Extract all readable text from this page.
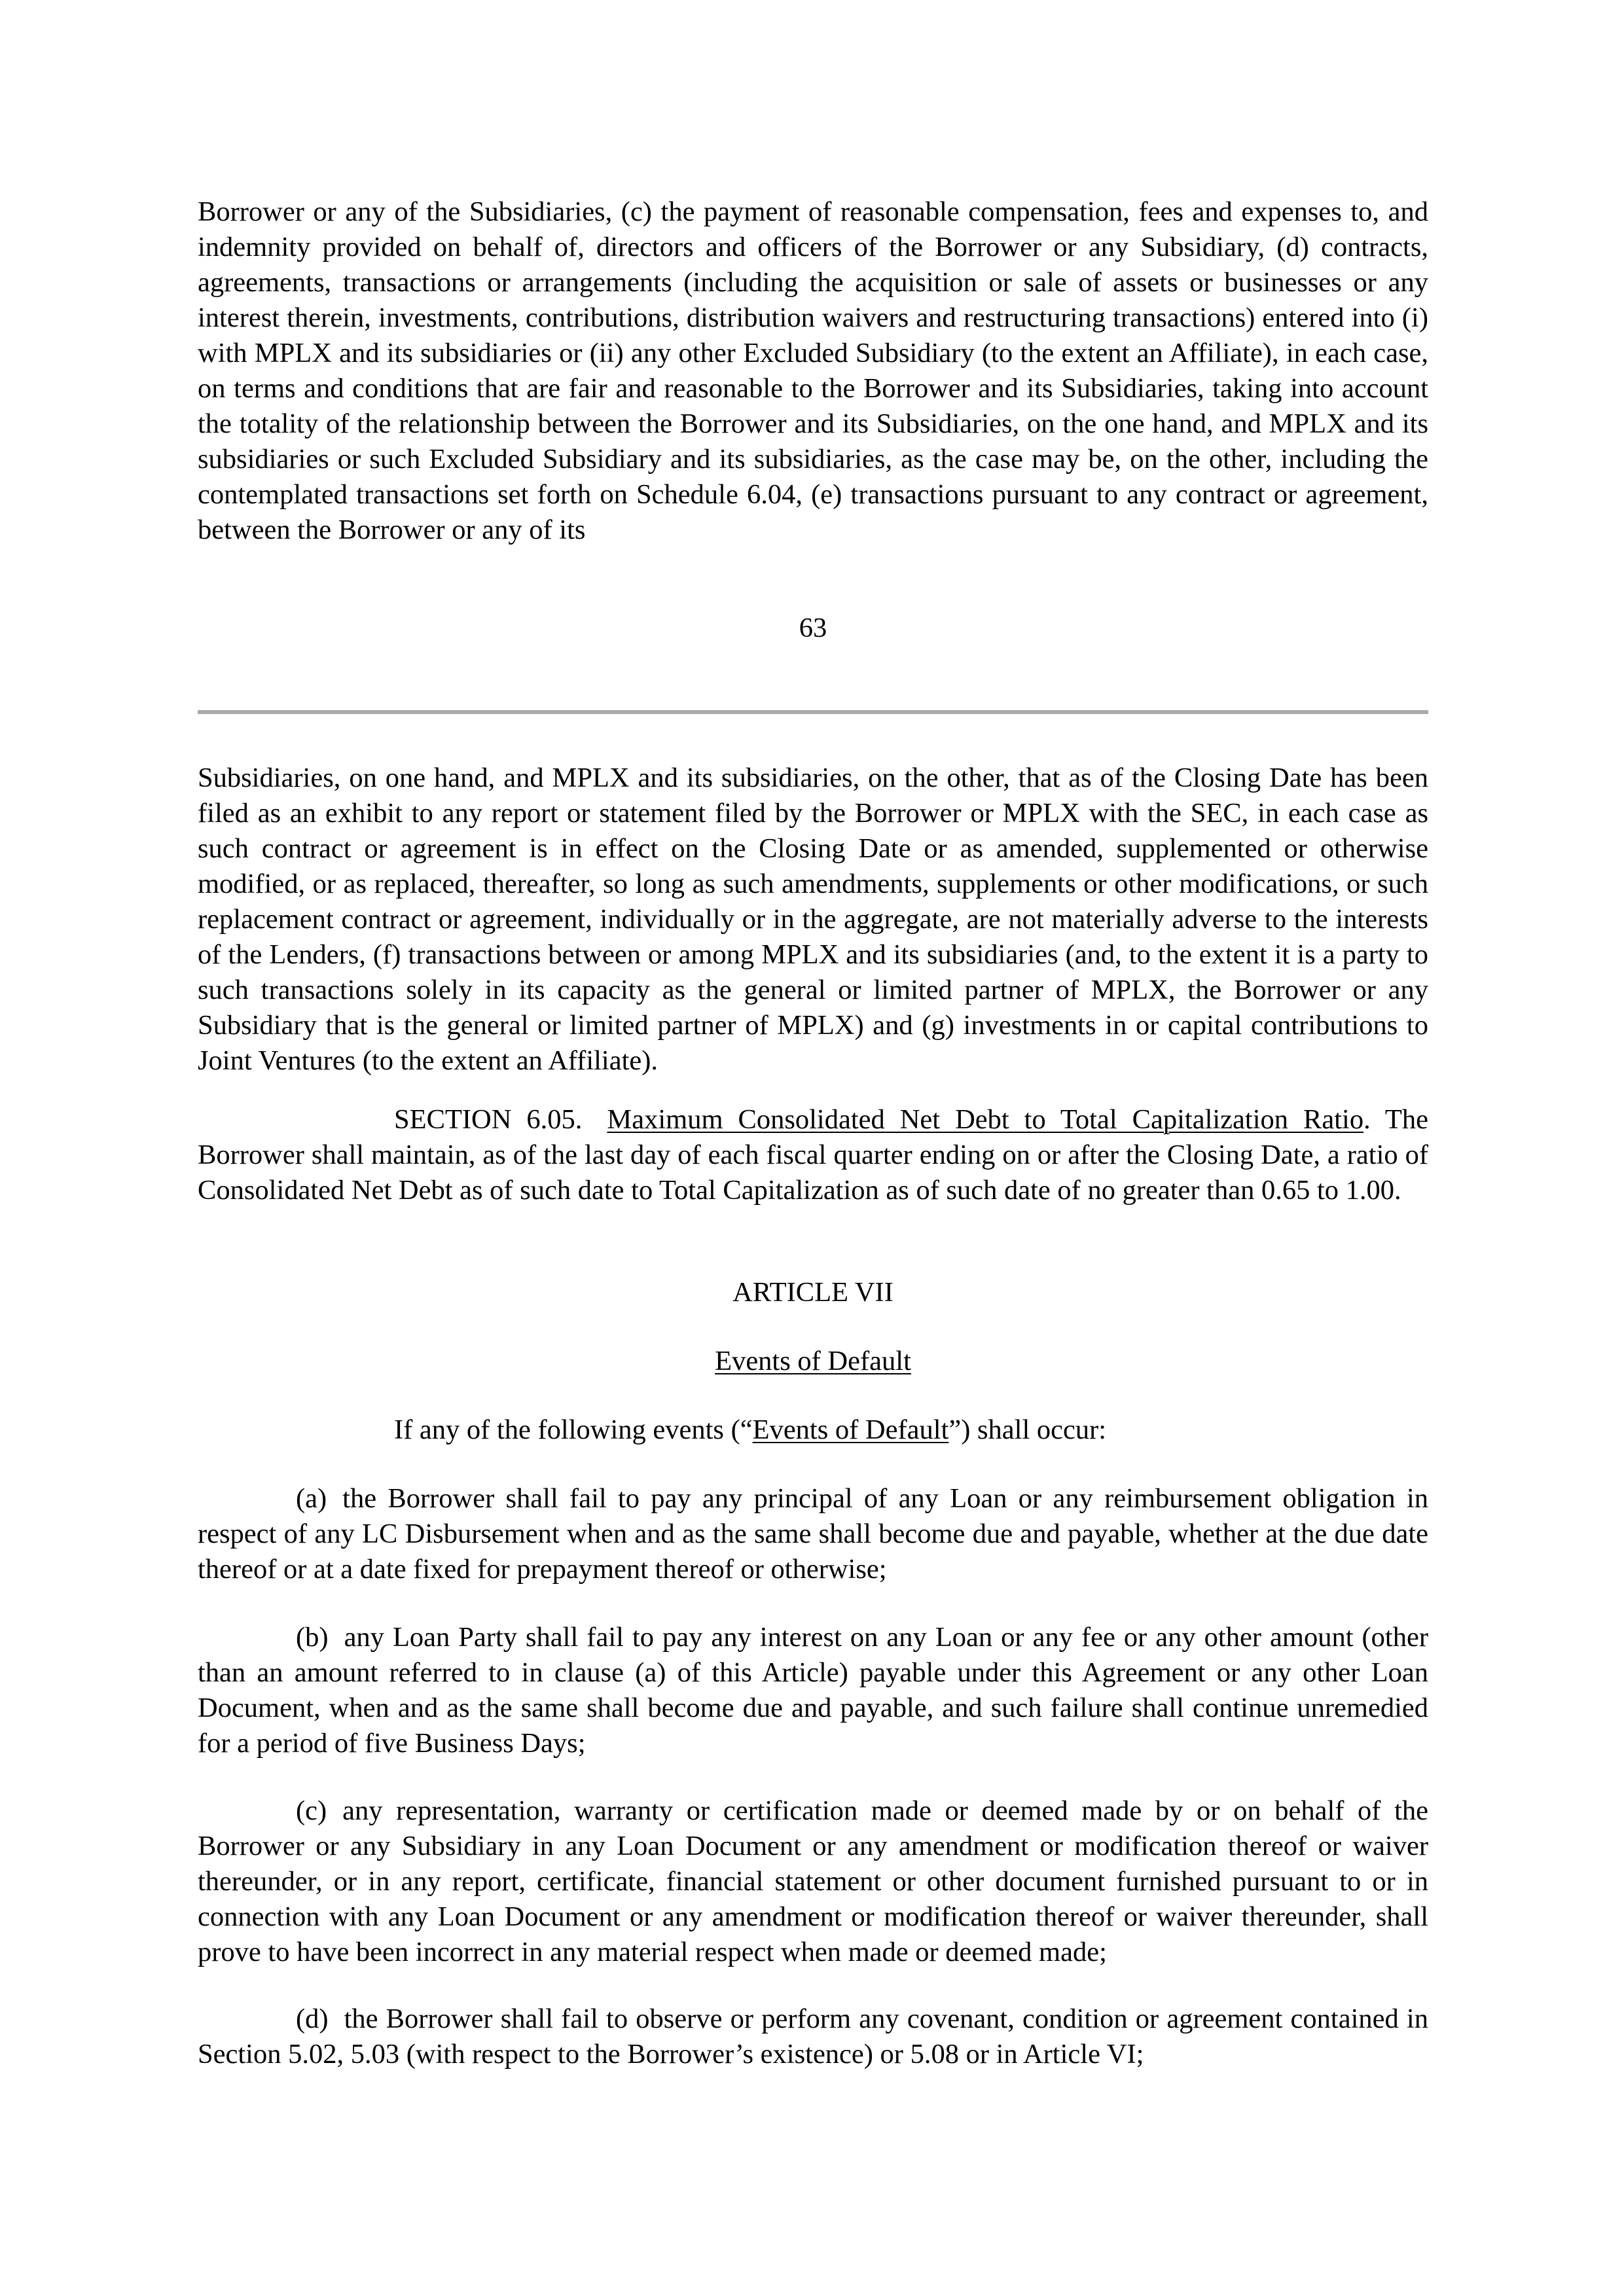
Borrower or any of the Subsidiaries, (c) the payment of reasonable compensation, fees and expenses to, and indemnity provided on behalf of, directors and officers of the Borrower or any Subsidiary, (d) contracts, agreements, transactions or arrangements (including the acquisition or sale of assets or businesses or any interest therein, investments, contributions, distribution waivers and restructuring transactions) entered into (i) with MPLX and its subsidiaries or (ii) any other Excluded Subsidiary (to the extent an Affiliate), in each case, on terms and conditions that are fair and reasonable to the Borrower and its Subsidiaries, taking into account the totality of the relationship between the Borrower and its Subsidiaries, on the one hand, and MPLX and its subsidiaries or such Excluded Subsidiary and its subsidiaries, as the case may be, on the other, including the contemplated transactions set forth on Schedule 6.04, (e) transactions pursuant to any contract or agreement, between the Borrower or any of its

63

Subsidiaries, on one hand, and MPLX and its subsidiaries, on the other, that as of the Closing Date has been filed as an exhibit to any report or statement filed by the Borrower or MPLX with the SEC, in each case as such contract or agreement is in effect on the Closing Date or as amended, supplemented or otherwise modified, or as replaced, thereafter, so long as such amendments, supplements or other modifications, or such replacement contract or agreement, individually or in the aggregate, are not materially adverse to the interests of the Lenders, (f) transactions between or among MPLX and its subsidiaries (and, to the extent it is a party to such transactions solely in its capacity as the general or limited partner of MPLX, the Borrower or any Subsidiary that is the general or limited partner of MPLX) and (g) investments in or capital contributions to Joint Ventures (to the extent an Affiliate).

SECTION 6.05. Maximum Consolidated Net Debt to Total Capitalization Ratio. The Borrower shall maintain, as of the last day of each fiscal quarter ending on or after the Closing Date, a ratio of Consolidated Net Debt as of such date to Total Capitalization as of such date of no greater than 0.65 to 1.00.

ARTICLE VII
Events of Default
If any of the following events (“Events of Default”) shall occur:

(a) the Borrower shall fail to pay any principal of any Loan or any reimbursement obligation in respect of any LC Disbursement when and as the same shall become due and payable, whether at the due date thereof or at a date fixed for prepayment thereof or otherwise;

(b) any Loan Party shall fail to pay any interest on any Loan or any fee or any other amount (other than an amount referred to in clause (a) of this Article) payable under this Agreement or any other Loan Document, when and as the same shall become due and payable, and such failure shall continue unremedied for a period of five Business Days;

(c) any representation, warranty or certification made or deemed made by or on behalf of the Borrower or any Subsidiary in any Loan Document or any amendment or modification thereof or waiver thereunder, or in any report, certificate, financial statement or other document furnished pursuant to or in connection with any Loan Document or any amendment or modification thereof or waiver thereunder, shall prove to have been incorrect in any material respect when made or deemed made;

(d) the Borrower shall fail to observe or perform any covenant, condition or agreement contained in Section 5.02, 5.03 (with respect to the Borrower’s existence) or 5.08 or in Article VI;
